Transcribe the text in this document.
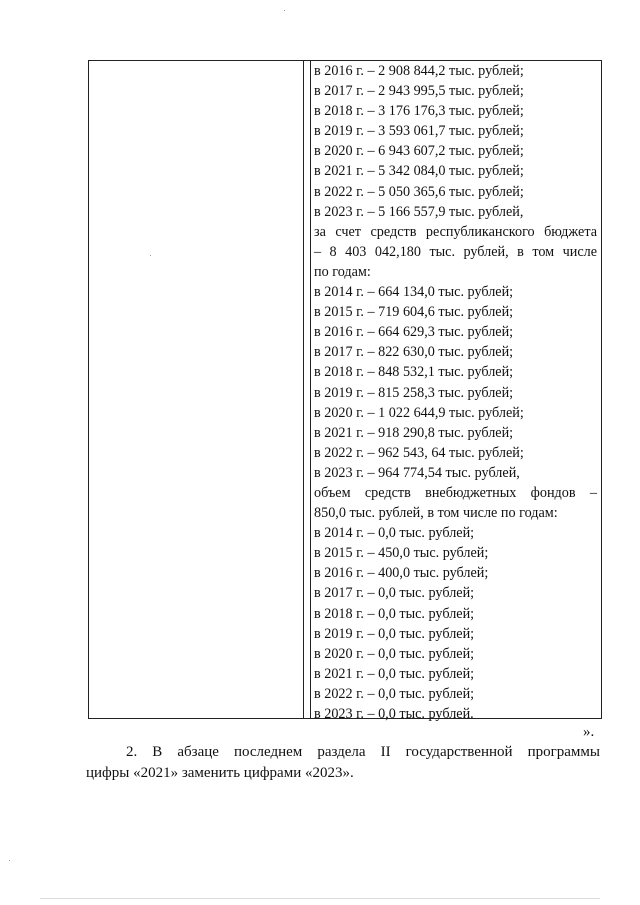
в 2016 г. – 2 908 844,2 тыс. рублей;
в 2017 г. – 2 943 995,5 тыс. рублей;
в 2018 г. – 3 176 176,3 тыс. рублей;
в 2019 г. – 3 593 061,7 тыс. рублей;
в 2020 г. – 6 943 607,2 тыс. рублей;
в 2021 г. – 5 342 084,0 тыс. рублей;
в 2022 г. – 5 050 365,6 тыс. рублей;
в 2023 г. – 5 166 557,9 тыс. рублей,
за счет средств республиканского бюджета
– 8 403 042,180 тыс. рублей, в том числе
по годам:
в 2014 г. – 664 134,0 тыс. рублей;
в 2015 г. – 719 604,6 тыс. рублей;
в 2016 г. – 664 629,3 тыс. рублей;
в 2017 г. – 822 630,0 тыс. рублей;
в 2018 г. – 848 532,1 тыс. рублей;
в 2019 г. – 815 258,3 тыс. рублей;
в 2020 г. – 1 022 644,9 тыс. рублей;
в 2021 г. – 918 290,8 тыс. рублей;
в 2022 г. – 962 543, 64 тыс. рублей;
в 2023 г. – 964 774,54 тыс. рублей,
объем средств внебюджетных фондов –
850,0 тыс. рублей, в том числе по годам:
в 2014 г. – 0,0 тыс. рублей;
в 2015 г. – 450,0 тыс. рублей;
в 2016 г. – 400,0 тыс. рублей;
в 2017 г. – 0,0 тыс. рублей;
в 2018 г. – 0,0 тыс. рублей;
в 2019 г. – 0,0 тыс. рублей;
в 2020 г. – 0,0 тыс. рублей;
в 2021 г. – 0,0 тыс. рублей;
в 2022 г. – 0,0 тыс. рублей;
в 2023 г. – 0,0 тыс. рублей.
».
2. В абзаце последнем раздела II государственной программы
цифры «2021» заменить цифрами «2023».
